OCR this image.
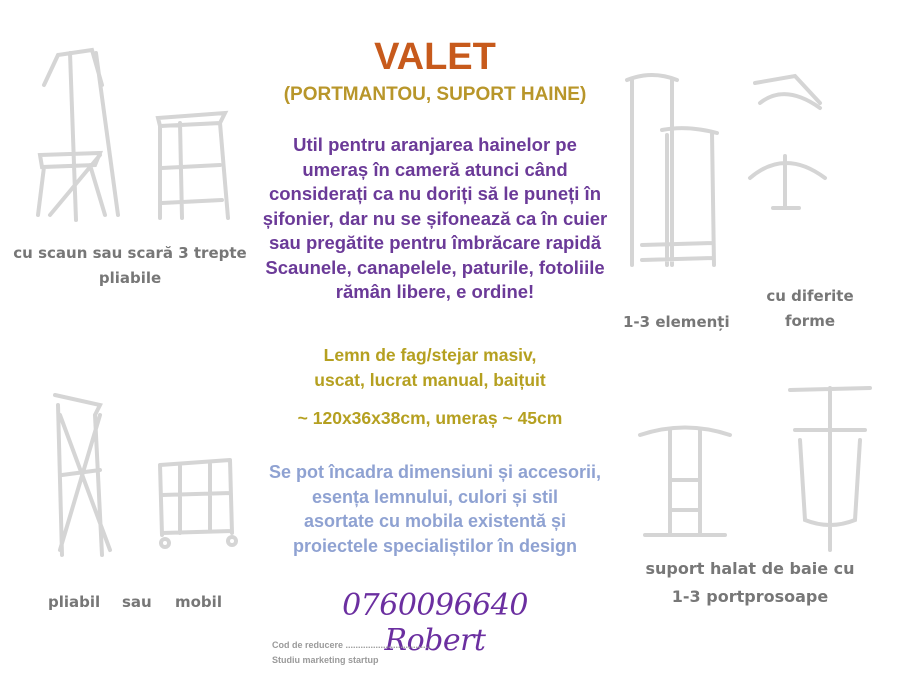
VALET
(PORTMANTOU, SUPORT HAINE)
Util pentru aranjarea hainelor pe
umeraș în cameră atunci când
considerați ca nu doriți să le puneți în
șifonier, dar nu se șifonează ca în cuier
sau pregătite pentru îmbrăcare rapidă
Scaunele, canapelele, paturile, fotoliile
rămân libere, e ordine!
Lemn de fag/stejar masiv,
uscat, lucrat manual, baițuit
~ 120x36x38cm, umeraș ~ 45cm
Se pot încadra dimensiuni și accesorii,
esența lemnului, culori și stil
asortate cu mobila existentă și
proiectele specialiștilor în design
0760096640 Robert
Cod de reducere ..................................
Studiu marketing startup
cu scaun sau scară 3 trepte
pliabile
pliabil sau mobil
1-3 elemenți
cu diferite
forme
suport halat de baie cu
1-3 portprosoape
